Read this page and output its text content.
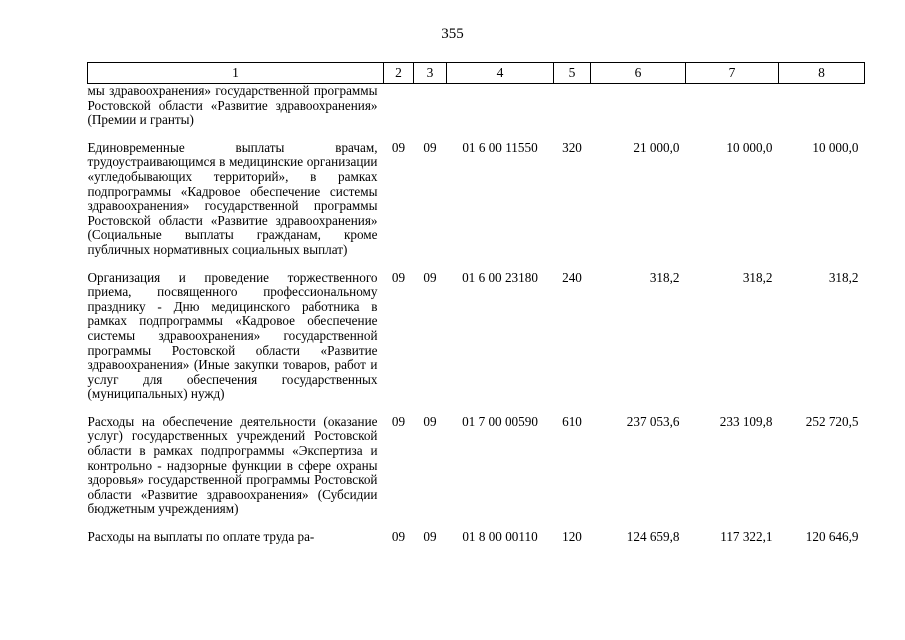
355
1	2	3	4	5	6	7	8
мы здравоохранения» государственной программы Ростовской области «Развитие здравоохранения» (Премии и гранты)							
Единовременные выплаты врачам, трудоустраивающимся в медицинские организации «угледобывающих территорий», в рамках подпрограммы «Кадровое обеспечение системы здравоохранения» государственной программы Ростовской области «Развитие здравоохранения» (Социальные выплаты гражданам, кроме публичных нормативных социальных выплат)	09	09	01 6 00 11550	320	21 000,0	10 000,0	10 000,0
Организация и проведение торжественного приема, посвященного профессиональному празднику - Дню медицинского работника в рамках подпрограммы «Кадровое обеспечение системы здравоохранения» государственной программы Ростовской области «Развитие здравоохранения» (Иные закупки товаров, работ и услуг для обеспечения государственных (муниципальных) нужд)	09	09	01 6 00 23180	240	318,2	318,2	318,2
Расходы на обеспечение деятельности (оказание услуг) государственных учреждений Ростовской области в рамках подпрограммы «Экспертиза и контрольно - надзорные функции в сфере охраны здоровья» государственной программы Ростовской области «Развитие здравоохранения» (Субсидии бюджетным учреждениям)	09	09	01 7 00 00590	610	237 053,6	233 109,8	252 720,5
Расходы на выплаты по оплате труда ра-	09	09	01 8 00 00110	120	124 659,8	117 322,1	120 646,9
